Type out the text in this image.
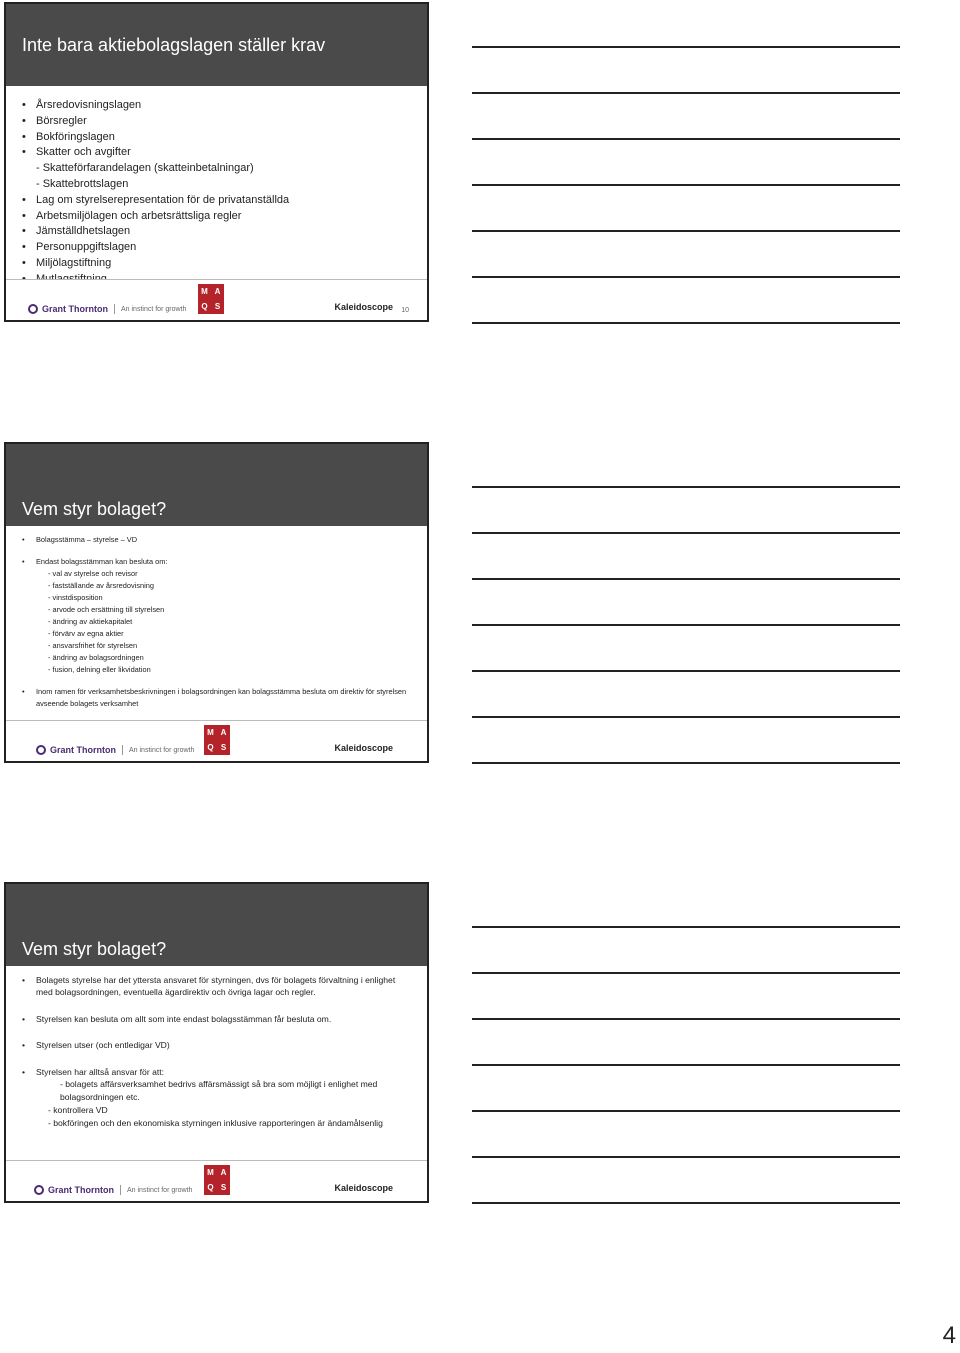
Inte bara aktiebolagslagen ställer krav
• Årsredovisningslagen
• Börsregler
• Bokföringslagen
• Skatter och avgifter
- Skatteförfarandelagen (skatteinbetalningar)
- Skattebrottslagen
• Lag om styrelserepresentation för de privatanställda
• Arbetsmiljölagen och arbetsrättsliga regler
• Jämställdhetslagen
• Personuppgiftslagen
• Miljölagstiftning
•
Grant Thornton An instinct for growth
M A
Q S	Kaleidoscope 10
Vem styr bolaget?
• Bolagsstämma – styrelse – VD
• Endast bolagsstämman kan besluta om:
- val av styrelse och revisor
- fastställande av årsredovisning
- vinstdisposition
- arvode och ersättning till styrelsen
- ändring av aktiekapitalet
- förvärv av egna aktier
- ansvarsfrihet för styrelsen
- ändring av bolagsordningen
- fusion, delning eller likvidation
• Inom ramen för verksamhetsbeskrivningen i bolagsordningen kan bolagsstämma besluta om direktiv för styrelsen avseende bolagets verksamhet
Grant Thornton An instinct for growth
M A
Q S	Kaleidoscope
Vem styr bolaget?
• Bolagets styrelse har det yttersta ansvaret för styrningen, dvs för bolagets förvaltning i enlighet med bolagsordningen, eventuella ägardirektiv och övriga lagar och regler.
• Styrelsen kan besluta om allt som inte endast bolagsstämman får besluta om.
• Styrelsen utser (och entledigar VD)
• Styrelsen har alltså ansvar för att:
- bolagets affärsverksamhet bedrivs affärsmässigt så bra som möjligt i enlighet med bolagsordningen etc.
- kontrollera VD
- bokföringen och den ekonomiska styrningen inklusive rapporteringen är ändamålsenlig
Grant Thornton An instinct for growth
M A
Q S	Kaleidoscope
4
